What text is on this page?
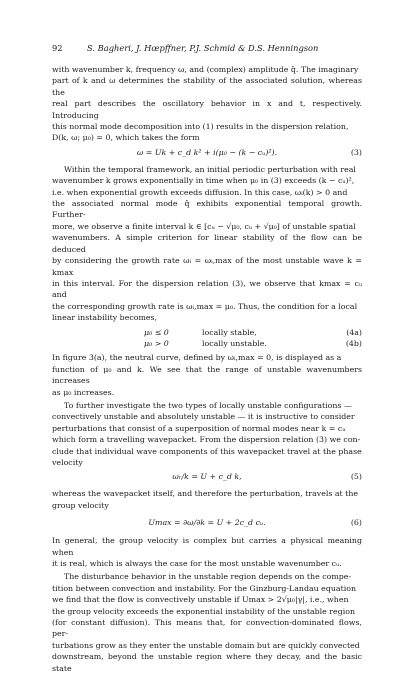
92	S. Bagheri, J. Hœpffner, P.J. Schmid & D.S. Henningson

with wavenumber k, frequency ω, and (complex) amplitude q̂. The imaginary
part of k and ω determines the stability of the associated solution, whereas the
real part describes the oscillatory behavior in x and t, respectively. Introducing
this normal mode decomposition into (1) results in the dispersion relation,
D(k, ω; μ₀) = 0, which takes the form

ω = Uk + c_d k² + i(μ₀ − (k − cᵤ)²).	(3)

Within the temporal framework, an initial periodic perturbation with real
wavenumber k grows exponentially in time when μ₀ in (3) exceeds (k − cᵤ)²,
i.e. when exponential growth exceeds diffusion. In this case, ωᵢ(k) > 0 and
the associated normal mode q̂ exhibits exponential temporal growth. Further-
more, we observe a finite interval k ∈ [cᵤ − √μ₀, cᵤ + √μ₀] of unstable spatial
wavenumbers. A simple criterion for linear stability of the flow can be deduced
by considering the growth rate ωᵢ = ωᵢ,max of the most unstable wave k = kmax
in this interval. For the dispersion relation (3), we observe that kmax = cᵤ and
the corresponding growth rate is ωᵢ,max = μ₀. Thus, the condition for a local
linear instability becomes,

μ₀ ≤ 0	locally stable,	(4a)
μ₀ > 0	locally unstable.	(4b)

In figure 3(a), the neutral curve, defined by ωᵢ,max = 0, is displayed as a
function of μ₀ and k. We see that the range of unstable wavenumbers increases
as μ₀ increases.

To further investigate the two types of locally unstable configurations —
convectively unstable and absolutely unstable — it is instructive to consider
perturbations that consist of a superposition of normal modes near k = cᵤ
which form a travelling wavepacket. From the dispersion relation (3) we con-
clude that individual wave components of this wavepacket travel at the phase
velocity

ωᵣ/k = U + c_d k,	(5)

whereas the wavepacket itself, and therefore the perturbation, travels at the
group velocity

Umax = ∂ω/∂k = U + 2c_d cᵤ.	(6)

In general, the group velocity is complex but carries a physical meaning when
it is real, which is always the case for the most unstable wavenumber cᵤ.

The disturbance behavior in the unstable region depends on the compe-
tition between convection and instability. For the Ginzburg-Landau equation
we find that the flow is convectively unstable if Umax > 2√μ₀|γ|, i.e., when
the group velocity exceeds the exponential instability of the unstable region
(for constant diffusion). This means that, for convection-dominated flows, per-
turbations grow as they enter the unstable domain but are quickly convected
downstream, beyond the unstable region where they decay, and the basic state
